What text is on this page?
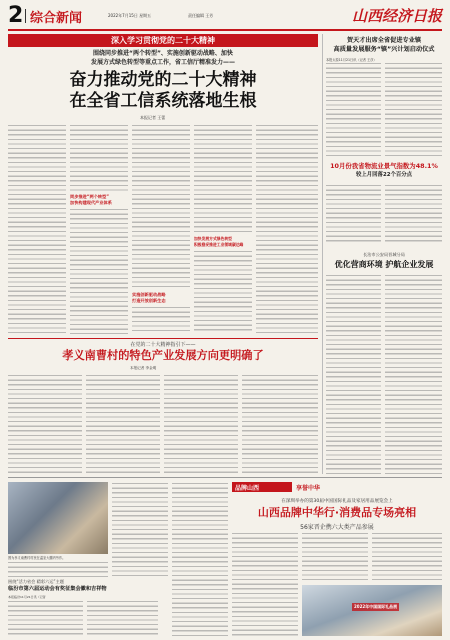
2 综合新闻	2022年7月15日 星期五	责任编辑 王芳	山西经济日报
深入学习贯彻党的二十大精神
围绕同步推进“两个转型”、实施创新驱动战略、加快
发展方式绿色转型等重点工作，省工信厅精准发力——
奋力推动党的二十大精神
在全省工信系统落地生根
本报记者 王蕾
同步推进“两个转型”
加快构建现代产业体系
实施创新驱动战略
打造开放创新生态
加快发展方式绿色转型
积极稳妥推进工业领域碳达峰
贺天才出席全省促进专业镇
高质量发展服务“镇”兴计划启动仪式
本报太原11月21日讯（记者 王彦）
10月份我省物流业景气指数为48.1%
较上月回落22个百分点
长治市公安局晋城分局
优化营商环境 护航企业发展
在党的二十大精神指引下——
孝义南曹村的特色产业发展方向更明确了
本报记者 李金明
图为孝义南曹村村民在温室大棚内劳作。
围绕“活力省会 精彩六运”主题
临汾市第六届运动会有奖征集会徽和吉祥物
本报临汾11月21日讯（记者
品牌山西	享誉中华
在深圳举办的第30届中国国际礼品及家居用品展览会上
山西品牌中华行·消费品专场亮相
56家晋企携六大类产品参展
2022年中国国际礼品展
